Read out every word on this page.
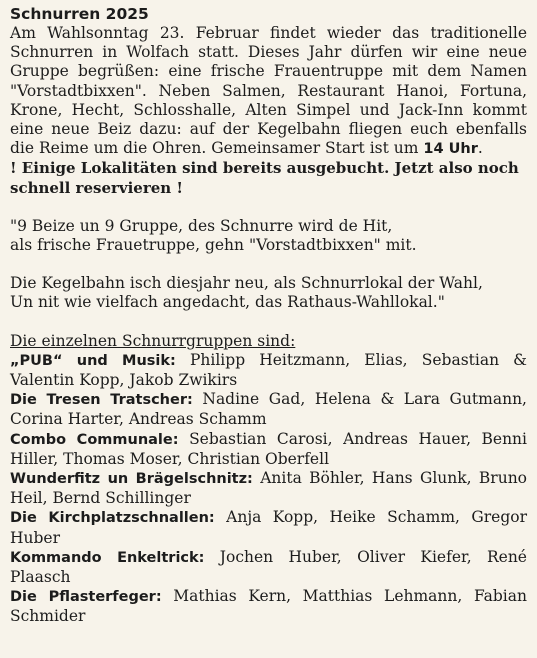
Schnurren 2025

Am Wahlsonntag 23. Februar findet wieder das traditionelle Schnurren in Wolfach statt. Dieses Jahr dürfen wir eine neue Gruppe begrüßen: eine frische Frauentruppe mit dem Namen "Vorstadtbixxen". Neben Salmen, Restaurant Hanoi, Fortuna, Krone, Hecht, Schlosshalle, Alten Simpel und Jack-Inn kommt eine neue Beiz dazu: auf der Kegelbahn fliegen euch ebenfalls die Reime um die Ohren. Gemeinsamer Start ist um 14 Uhr.

! Einige Lokalitäten sind bereits ausgebucht. Jetzt also noch schnell reservieren !

"9 Beize un 9 Gruppe, des Schnurre wird de Hit,

als frische Frauetruppe, gehn "Vorstadtbixxen" mit.

Die Kegelbahn isch diesjahr neu, als Schnurrlokal der Wahl,

Un nit wie vielfach angedacht, das Rathaus-Wahllokal."

Die einzelnen Schnurrgruppen sind:

„PUB“ und Musik: Philipp Heitzmann, Elias, Sebastian & Valentin Kopp, Jakob Zwikirs

Die Tresen Tratscher: Nadine Gad, Helena & Lara Gutmann, Corina Harter, Andreas Schamm

Combo Communale: Sebastian Carosi, Andreas Hauer, Benni Hiller, Thomas Moser, Christian Oberfell

Wunderfitz un Brägelschnitz: Anita Böhler, Hans Glunk, Bruno Heil, Bernd Schillinger

Die Kirchplatzschnallen: Anja Kopp, Heike Schamm, Gregor Huber

Kommando Enkeltrick: Jochen Huber, Oliver Kiefer, René Plaasch

Die Pflasterfeger: Mathias Kern, Matthias Lehmann, Fabian Schmider
